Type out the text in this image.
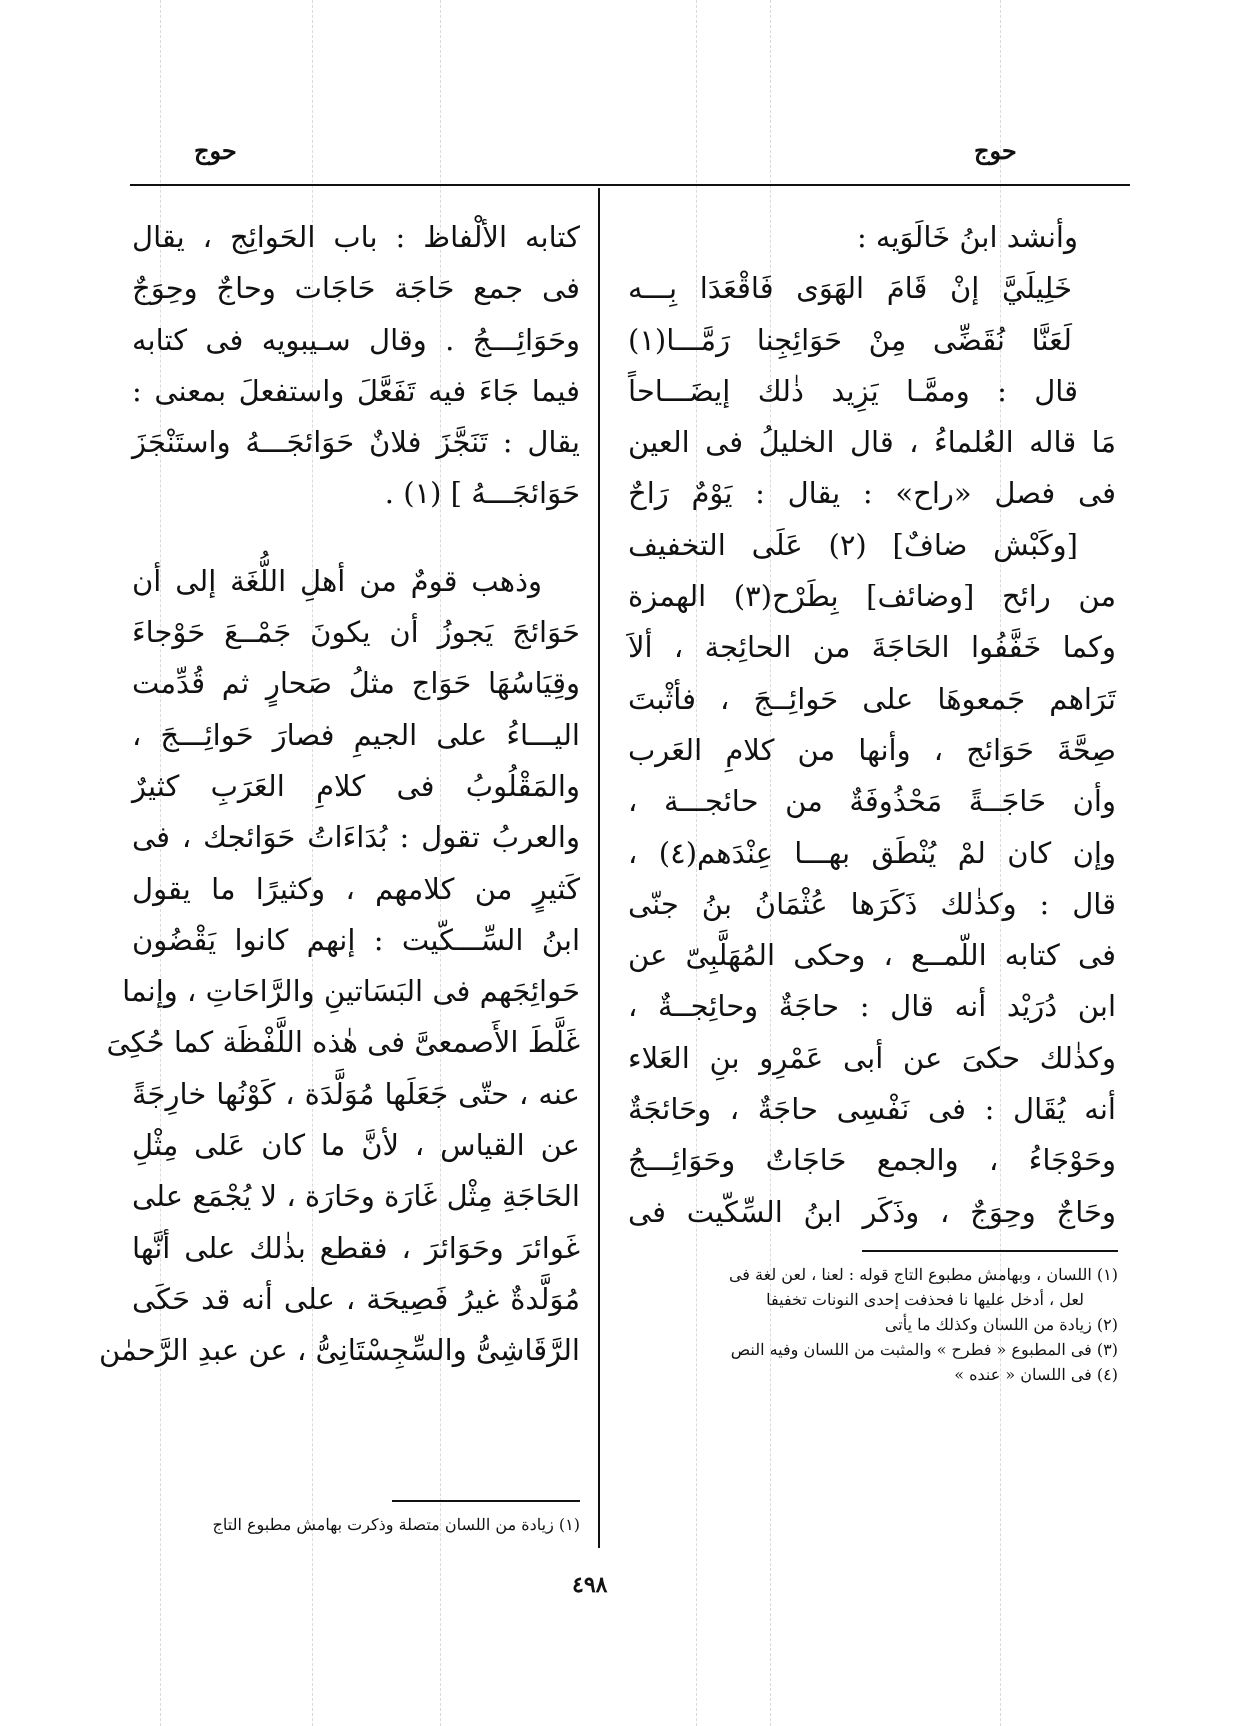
حوج	حوج
وأنشد ابنُ خَالَوَيه :
خَلِيلَيَّ إنْ قَامَ الهَوَى فَاقْعَدَا بِـــه
لَعَنَّا نُقَضِّى مِنْ حَوَائِجِنا رَمَّـــا(١)
قال : وممَّـا يَزِيد ذٰلك إيضَـــاحاً
مَا قاله العُلماءُ ، قال الخليلُ فى العين
فى فصل «راح» : يقال : يَوْمٌ رَاحٌ
[وكَبْش ضافٌ] (٢) عَلَى التخفيف
من رائح [وضائف] بِطَرْح(٣) الهمزة
وكما خَفَّفُوا الحَاجَةَ من الحائِجة ، ألاَ
تَرَاهم جَمعوهَا على حَوائِــجَ ، فأثْبتَ
صِحَّةَ حَوَائج ، وأنها من كلامِ العَرب
وأن حَاجَــةً مَحْذُوفَةٌ من حائجـــة ،
وإن كان لمْ يُنْطَق بهـــا عِنْدَهم(٤) ،
قال : وكذٰلك ذَكَرَها عُثْمَانُ بنُ جنّى
فى كتابه اللّمــع ، وحكى المُهَلَّبِىّ عن
ابن دُرَيْد أنه قال : حاجَةٌ وحائِجــةٌ ،
وكذٰلك حكىَ عن أبى عَمْرِو بنِ العَلاء
أنه يُقَال : فى نَفْسِى حاجَةٌ ، وحَائجَةٌ
وحَوْجَاءُ ، والجمع حَاجَاتٌ وحَوَائِـــجُ
وحَاجٌ وحِوَجٌ ، وذَكَر ابنُ السِّكّيت فى
(١) اللسان ، وبهامش مطبوع التاج قوله : لعنا ، لعن لغة فى
لعل ، أدخل عليها نا فحذفت إحدى النونات تخفيفا
(٢) زيادة من اللسان وكذلك ما يأتى
(٣) فى المطبوع « فطرح » والمثبت من اللسان وفيه النص
(٤) فى اللسان « عنده »
كتابه الألْفاظ : باب الحَوائِج ، يقال
فى جمع حَاجَة حَاجَات وحاجٌ وحِوَجٌ
وحَوَائِـــجُ . وقال سـيبويه فى كتابه
فيما جَاءَ فيه تَفَعَّلَ واستفعلَ بمعنى :
يقال : تَنَجَّزَ فلانٌ حَوَائجَـــهُ واستَنْجَزَ
حَوَائجَـــهُ ] (١) .
وذهب قومٌ من أهلِ اللُّغَة إلى أن
حَوَائجَ يَجوزُ أن يكونَ جَمْــعَ حَوْجاءَ
وقِيَاسُهَا حَوَاج مثلُ صَحارٍ ثم قُدِّمت
اليـــاءُ على الجيمِ فصارَ حَوائِـــجَ ،
والمَقْلُوبُ فى كلامِ العَرَبِ كثيرٌ
والعربُ تقول : بُدَاءَاتُ حَوَائجك ، فى
كَثيرٍ من كلامهم ، وكثيرًا ما يقول
ابنُ السِّـــكّيت : إنهم كانوا يَقْضُون
حَوائِجَهم فى البَسَاتينِ والرَّاحَاتِ ، وإنما
غَلَّطَ الأَصمعىَّ فى هٰذه اللَّفْظَة كما حُكِىَ
عنه ، حتّى جَعَلَها مُوَلَّدَة ، كَوْنُها خارِجَةً
عن القياس ، لأنَّ ما كان عَلى مِثْلِ
الحَاجَةِ مِثْل غَارَة وحَارَة ، لا يُجْمَع على
غَوائرَ وحَوَائرَ ، فقطع بذٰلك على أنَّها
مُوَلَّدةٌ غيرُ فَصِيحَة ، على أنه قد حَكَى
الرَّقَاشِىُّ والسِّجِسْتَانِىُّ ، عن عبدِ الرَّحمٰن
(١) زيادة من اللسان متصلة وذكرت بهامش مطبوع التاج
٤٩٨
